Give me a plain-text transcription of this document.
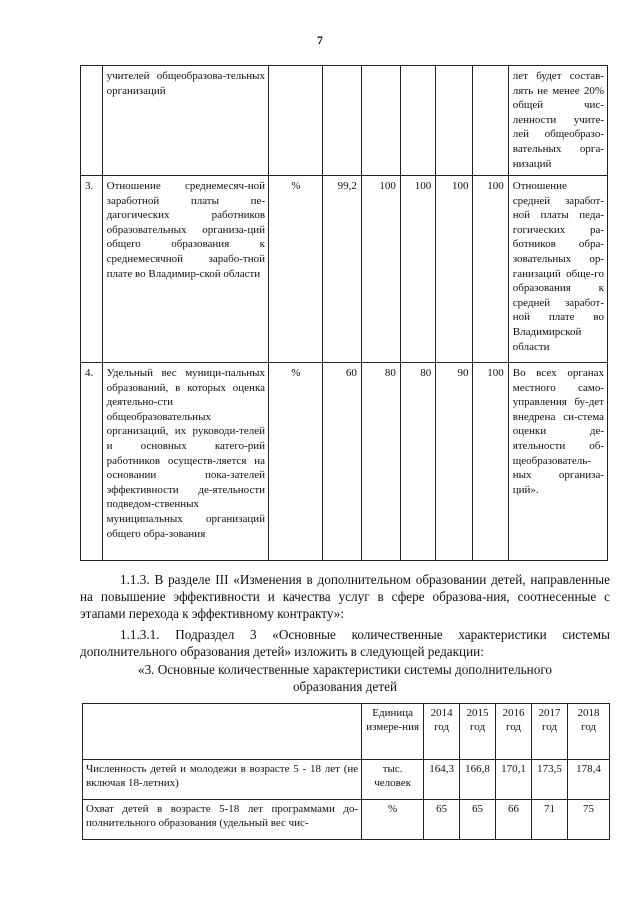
7
	учителей общеобразова-тельных организаций							лет будет состав-лять не менее 20% общей чис-ленности учите-лей общеобразо-вательных орга-низаций
3.	Отношение среднемесяч-ной заработной платы пе-дагогических работников образовательных организа-ций общего образования к среднемесячной зарабо-тной плате во Владимир-ской области	%	99,2	100	100	100	100	Отношение средней заработ-ной платы педа-гогических ра-ботников обра-зовательных ор-ганизаций обще-го образования к средней заработ-ной плате во Владимирской области
4.	Удельный вес муници-пальных образований, в которых оценка деятельно-сти общеобразовательных организаций, их руководи-телей и основных катего-рий работников осуществ-ляется на основании пока-зателей эффективности де-ятельности подведом-ственных муниципальных организаций общего обра-зования	%	60	80	80	90	100	Во всех органах местного само-управления бу-дет внедрена си-стема оценки де-ятельности об-щеобразователь-ных организа-ций».
1.1.3. В разделе III «Изменения в дополнительном образовании детей, направленные на повышение эффективности и качества услуг в сфере образова-ния, соотнесенные с этапами перехода к эффективному контракту»:
1.1.3.1. Подраздел 3 «Основные количественные характеристики системы дополнительного образования детей» изложить в следующей редакции:
«3. Основные количественные характеристики системы дополнительного образования детей
	Единица измере-ния	2014 год	2015 год	2016 год	2017 год	2018 год
Численность детей и молодежи в возрасте 5 - 18 лет (не включая 18-летних)	тыс. человек	164,3	166,8	170,1	173,5	178,4
Охват детей в возрасте 5-18 лет программами до-полнительного образования (удельный вес чис-	%	65	65	66	71	75
